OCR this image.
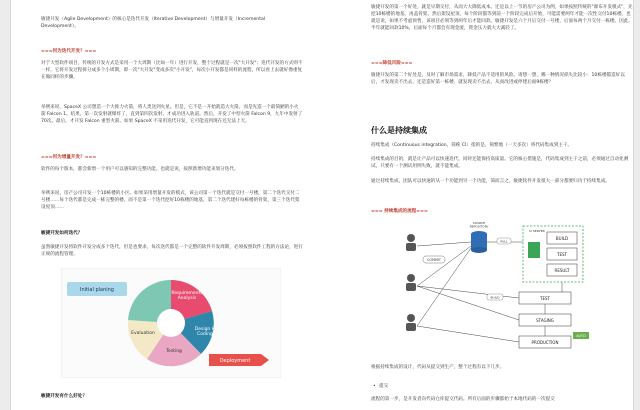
敏捷开发（Agile Development）的核心是迭代开发（Iterative Development）与增量开发（Incremental Development）。

===何为迭代开发？===

对于大型软件项目，传统的开发方式是采用一个大周期（比如一年）进行开发，整个过程就是一次"大开发"；迭代开发的方式则不一样，它将开发过程拆分成多个小周期，即一次"大开发"变成多次"小开发"，每次小开发都是同样的流程，所以看上去就好像重复在做同样的步骤。

举例来说，SpaceX 公司想造一个大推力火箭，将人类送到火星。但是，它不是一开始就造大火箭，而是先造一个最简陋的小火箭 Falcon 1。结果，第一次发射就爆炸了，直到第四次发射，才成功进入轨道。然后，开发了中型火箭 Falcon 9，九年中发射了70次。最后，才开发 Falcon 重型火箭。如果 SpaceX 不采用迭代开发，它可能直到现在还无法上天。

===何为增量开发？===

软件的每个版本，都会新增一个用户可以感知的完整功能。也就是说，按照新增功能来划分迭代。

举例来说，房产公司开发一个10栋楼的小区。如果采用增量开发的模式，该公司第一个迭代就是交付一号楼，第二个迭代交付二号楼……每个迭代都是完成一栋完整的楼。而不是第一个迭代挖好10栋楼的地基，第二个迭代建好每栋楼的骨架，第三个迭代架设屋顶……

敏捷开发如何迭代？

虽然敏捷开发将软件开发分成多个迭代，但是也要求，每次迭代都是一个完整的软件开发周期，必须按照软件工程的方法论，进行正规的流程管理。

Initial planing
Requirements Analysis
Design & Coding
Testing
Evaluation
Deployment

敏捷开发有什么好处？

敏捷开发的第一个好处，就是早期交付，从而大大降低成本。还是以上一节的房产公司为例，如果按照传统的"瀑布开发模式"，先挖10栋楼的地基、再盖骨架、然后架设屋顶，每个阶段都等到前一个阶段完成后开始，可能需要两年才能一次性交付10栋楼。也就是说，如果不考虑预售，该项目必须等到两年后才能回款。敏捷开发是六个月后交付一号楼，后面每两个月交付一栋楼。因此，半年就能回款10%，后面每个月都会有现金流，资金压力就大大减轻了。

===降低风险===

敏捷开发的第二个好处是，及时了解市场需求，降低产品不适用的风险。请想一想，哪一种情况损失比较小：10栋楼都造好以后，才发现卖不出去，还是造好第一栋楼，就发现卖不出去，从而改进或停建后面9栋楼？

什么是持续集成

持续集成（Continuous integration，简称 CI）指的是，频繁地（一天多次）将代码集成到主干。

持续集成的目的，就是让产品可以快速迭代，同时还能保持高质量。它的核心措施是，代码集成到主干之前，必须通过自动化测试。只要有一个测试用例失败，就不能集成。

通过持续集成，团队可以快速的从一个功能到另一个功能，简而言之，敏捷软件开发很大一部分都要归功于持续集成。

=== 持续集成的流程===

COMMIT
SOURCE REPOSITORY
CI SERVER
BUILD
TEST
RESULT
TEST
STAGING
PRODUCTION
AUTO
PULL
BUILD

根据持续集成的设计，代码从提交到生产，整个过程有以下几步。

• 提交

流程的第一步，是开发者向代码仓库提交代码。所有后面的步骤都始于本地代码的一次提交
